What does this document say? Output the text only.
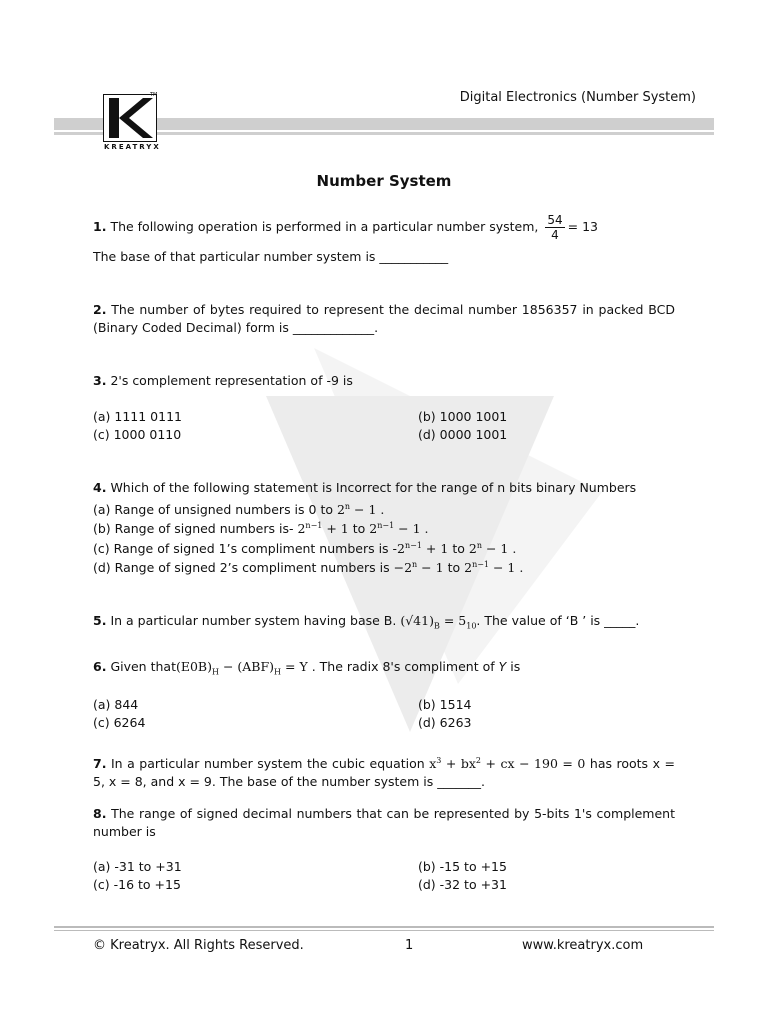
Digital Electronics (Number System)
TM
KREATRYX
Number System
1. The following operation is performed in a particular number system, $\frac{54}{4} = 13$
The base of that particular number system is ___________
2. The number of bytes required to represent the decimal number 1856357 in packed BCD (Binary Coded Decimal) form is _____________.
3. 2's complement representation of -9 is
(a) 1111 0111	(b) 1000 1001
(c) 1000 0110	(d) 0000 1001
4. Which of the following statement is Incorrect for the range of n bits binary Numbers
(a) Range of unsigned numbers is 0 to $2^n - 1$ .
(b) Range of signed numbers is- $2^{n-1} + 1$ to $2^{n-1} - 1$ .
(c) Range of signed 1’s compliment numbers is $-2^{n-1} + 1$ to $2^n - 1$ .
(d) Range of signed 2’s compliment numbers is $-2^n - 1$ to $2^{n-1} - 1$ .
5. In a particular number system having base B. $(√41)_B = 5_{10}$. The value of ‘B ’ is _____.
6. Given $that(E0B)_H - (ABF)_H = Y$ . The radix 8's compliment of Y is
(a) 844	(b) 1514
(c) 6264	(d) 6263
7. In a particular number system the cubic equation $x^3 + bx^2$ + cx − 190 = 0 has roots x = 5, x = 8, and x = 9. The base of the number system is _______.
8. The range of signed decimal numbers that can be represented by 5-bits 1's complement number is
(a) -31 to +31	(b) -15 to +15
(c) -16 to +15	(d) -32 to +31
© Kreatryx. All Rights Reserved.	1	www.kreatryx.com
